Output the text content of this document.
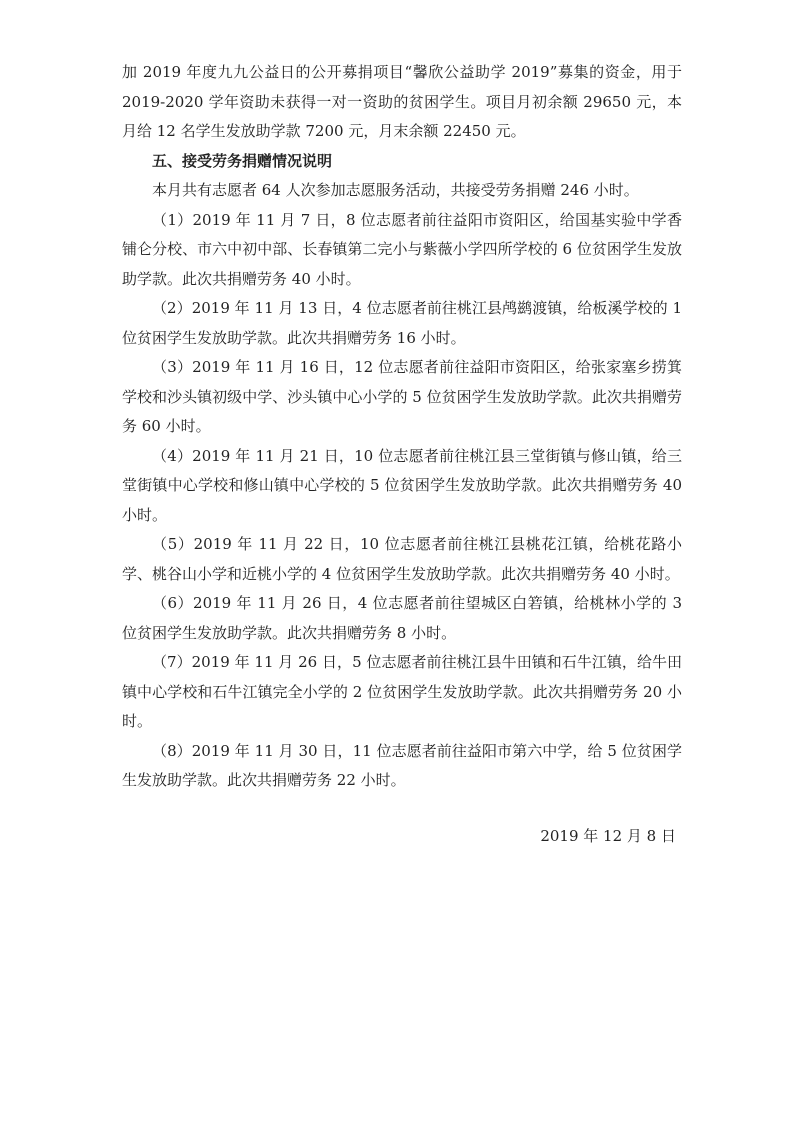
加 2019 年度九九公益日的公开募捐项目“馨欣公益助学 2019”募集的资金，用于 2019-2020 学年资助未获得一对一资助的贫困学生。项目月初余额 29650 元，本月给 12 名学生发放助学款 7200 元，月末余额 22450 元。

五、接受劳务捐赠情况说明

本月共有志愿者 64 人次参加志愿服务活动，共接受劳务捐赠 246 小时。

（1）2019 年 11 月 7 日，8 位志愿者前往益阳市资阳区，给国基实验中学香铺仑分校、市六中初中部、长春镇第二完小与紫薇小学四所学校的 6 位贫困学生发放助学款。此次共捐赠劳务 40 小时。

（2）2019 年 11 月 13 日，4 位志愿者前往桃江县鸬鹚渡镇，给板溪学校的 1 位贫困学生发放助学款。此次共捐赠劳务 16 小时。

（3）2019 年 11 月 16 日，12 位志愿者前往益阳市资阳区，给张家塞乡捞箕学校和沙头镇初级中学、沙头镇中心小学的 5 位贫困学生发放助学款。此次共捐赠劳务 60 小时。

（4）2019 年 11 月 21 日，10 位志愿者前往桃江县三堂街镇与修山镇，给三堂街镇中心学校和修山镇中心学校的 5 位贫困学生发放助学款。此次共捐赠劳务 40 小时。

（5）2019 年 11 月 22 日，10 位志愿者前往桃江县桃花江镇，给桃花路小学、桃谷山小学和近桃小学的 4 位贫困学生发放助学款。此次共捐赠劳务 40 小时。

（6）2019 年 11 月 26 日，4 位志愿者前往望城区白箬镇，给桃林小学的 3 位贫困学生发放助学款。此次共捐赠劳务 8 小时。

（7）2019 年 11 月 26 日，5 位志愿者前往桃江县牛田镇和石牛江镇，给牛田镇中心学校和石牛江镇完全小学的 2 位贫困学生发放助学款。此次共捐赠劳务 20 小时。

（8）2019 年 11 月 30 日，11 位志愿者前往益阳市第六中学，给 5 位贫困学生发放助学款。此次共捐赠劳务 22 小时。

2019 年 12 月 8 日
